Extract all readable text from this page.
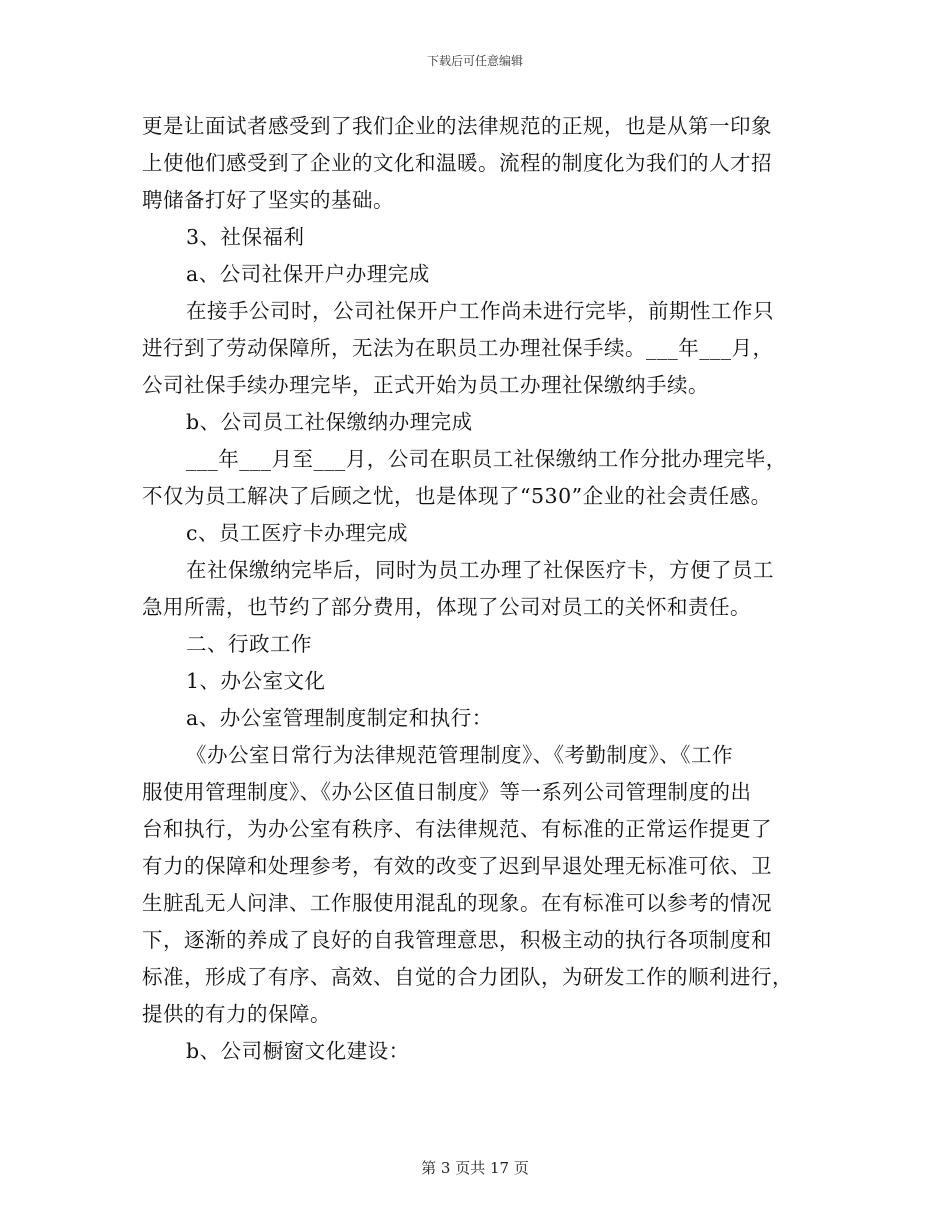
下载后可任意编辑

更是让面试者感受到了我们企业的法律规范的正规，也是从第一印象
上使他们感受到了企业的文化和温暖。流程的制度化为我们的人才招
聘储备打好了坚实的基础。

3、社保福利

a、公司社保开户办理完成

在接手公司时，公司社保开户工作尚未进行完毕，前期性工作只
进行到了劳动保障所，无法为在职员工办理社保手续。___年___月，
公司社保手续办理完毕，正式开始为员工办理社保缴纳手续。

b、公司员工社保缴纳办理完成

___年___月至___月，公司在职员工社保缴纳工作分批办理完毕，
不仅为员工解决了后顾之忧，也是体现了“530”企业的社会责任感。

c、员工医疗卡办理完成

在社保缴纳完毕后，同时为员工办理了社保医疗卡，方便了员工
急用所需，也节约了部分费用，体现了公司对员工的关怀和责任。

二、行政工作

1、办公室文化

a、办公室管理制度制定和执行：

《办公室日常行为法律规范管理制度》、《考勤制度》、《工作
服使用管理制度》、《办公区值日制度》等一系列公司管理制度的出
台和执行，为办公室有秩序、有法律规范、有标准的正常运作提更了
有力的保障和处理参考，有效的改变了迟到早退处理无标准可依、卫
生脏乱无人问津、工作服使用混乱的现象。在有标准可以参考的情况
下，逐渐的养成了良好的自我管理意思，积极主动的执行各项制度和
标准，形成了有序、高效、自觉的合力团队，为研发工作的顺利进行，
提供的有力的保障。

b、公司橱窗文化建设：

第 3 页共 17 页
